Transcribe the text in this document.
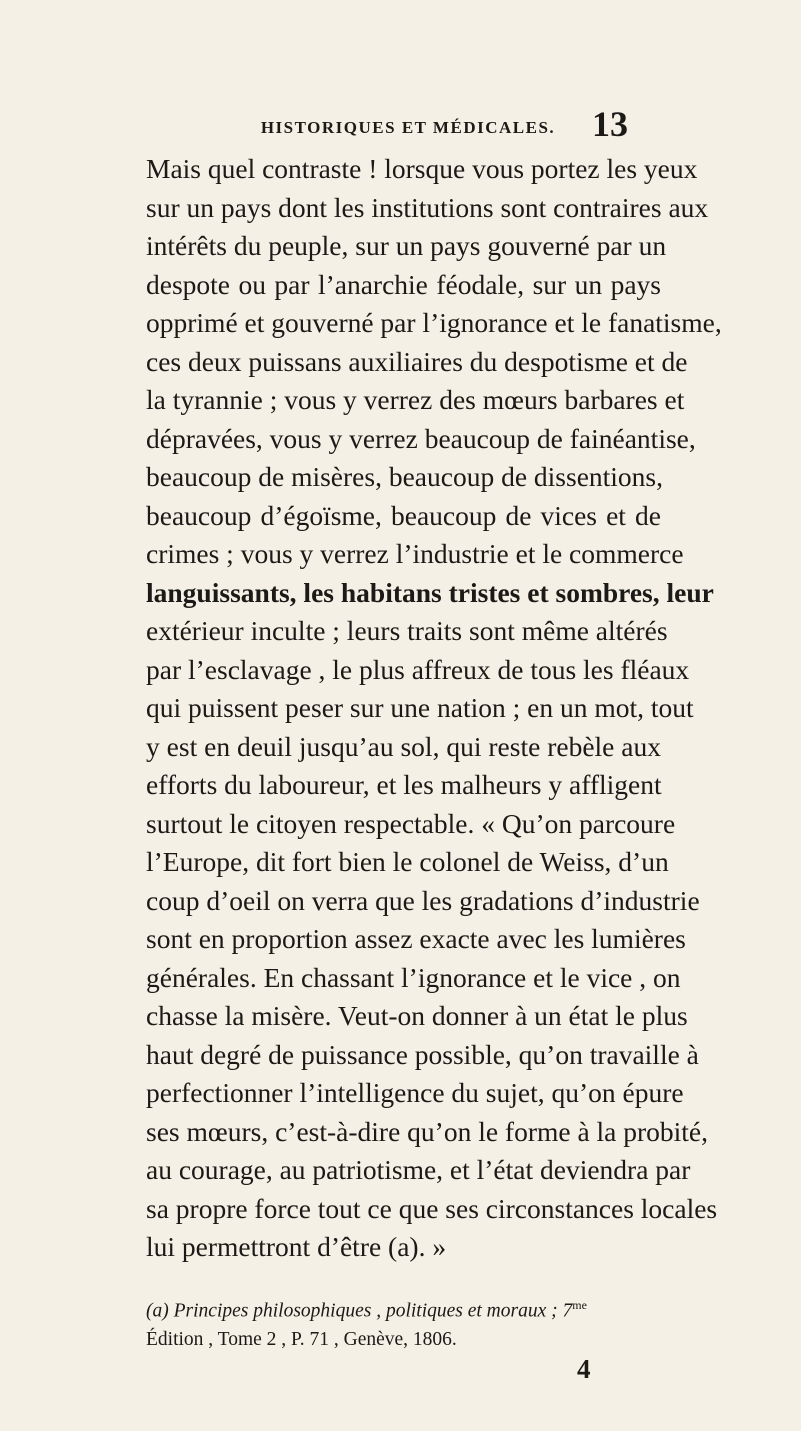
HISTORIQUES ET MÉDICALES. 13
Mais quel contraste ! lorsque vous portez les yeux
sur un pays dont les institutions sont contraires aux
intérêts du peuple, sur un pays gouverné par un
despote ou par l’anarchie féodale, sur un pays
opprimé et gouverné par l’ignorance et le fanatisme,
ces deux puissans auxiliaires du despotisme et de
la tyrannie ; vous y verrez des mœurs barbares et
dépravées, vous y verrez beaucoup de fainéantise,
beaucoup de misères, beaucoup de dissentions,
beaucoup d’égoïsme, beaucoup de vices et de
crimes ; vous y verrez l’industrie et le commerce
languissants, les habitans tristes et sombres, leur
extérieur inculte ; leurs traits sont même altérés
par l’esclavage , le plus affreux de tous les fléaux
qui puissent peser sur une nation ; en un mot, tout
y est en deuil jusqu’au sol, qui reste rebèle aux
efforts du laboureur, et les malheurs y affligent
surtout le citoyen respectable. « Qu’on parcoure
l’Europe, dit fort bien le colonel de Weiss, d’un
coup d’oeil on verra que les gradations d’industrie
sont en proportion assez exacte avec les lumières
générales. En chassant l’ignorance et le vice , on
chasse la misère. Veut-on donner à un état le plus
haut degré de puissance possible, qu’on travaille à
perfectionner l’intelligence du sujet, qu’on épure
ses mœurs, c’est-à-dire qu’on le forme à la probité,
au courage, au patriotisme, et l’état deviendra par
sa propre force tout ce que ses circonstances locales
lui permettront d’être (a). »
(a) Principes philosophiques , politiques et moraux ; $7^{me}$
Édition , Tome 2 , P. 71 , Genève, 1806.
4
